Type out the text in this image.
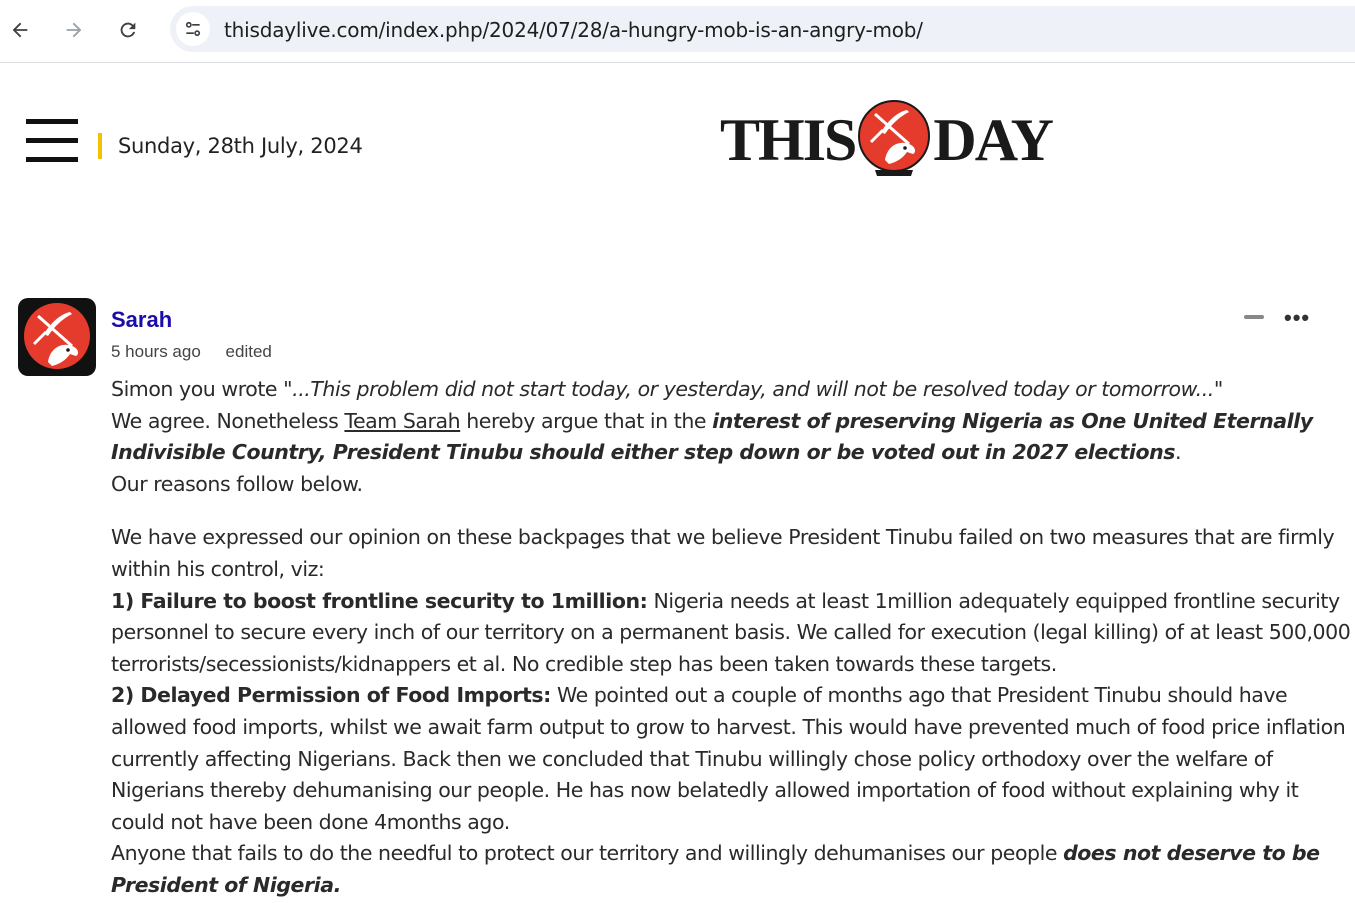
thisdaylive.com/index.php/2024/07/28/a-hungry-mob-is-an-angry-mob/
Sunday, 28th July, 2024	THIS DAY
Sarah
5 hours ago edited
•••

Simon you wrote "...This problem did not start today, or yesterday, and will not be resolved today or tomorrow..."

We agree. Nonetheless Team Sarah hereby argue that in the interest of preserving Nigeria as One United Eternally Indivisible Country, President Tinubu should either step down or be voted out in 2027 elections.

Our reasons follow below.

We have expressed our opinion on these backpages that we believe President Tinubu failed on two measures that are firmly within his control, viz:

1) Failure to boost frontline security to 1million: Nigeria needs at least 1million adequately equipped frontline security personnel to secure every inch of our territory on a permanent basis. We called for execution (legal killing) of at least 500,000 terrorists/secessionists/kidnappers et al. No credible step has been taken towards these targets.

2) Delayed Permission of Food Imports: We pointed out a couple of months ago that President Tinubu should have allowed food imports, whilst we await farm output to grow to harvest. This would have prevented much of food price inflation currently affecting Nigerians. Back then we concluded that Tinubu willingly chose policy orthodoxy over the welfare of Nigerians thereby dehumanising our people. He has now belatedly allowed importation of food without explaining why it could not have been done 4months ago.

Anyone that fails to do the needful to protect our territory and willingly dehumanises our people does not deserve to be President of Nigeria.
